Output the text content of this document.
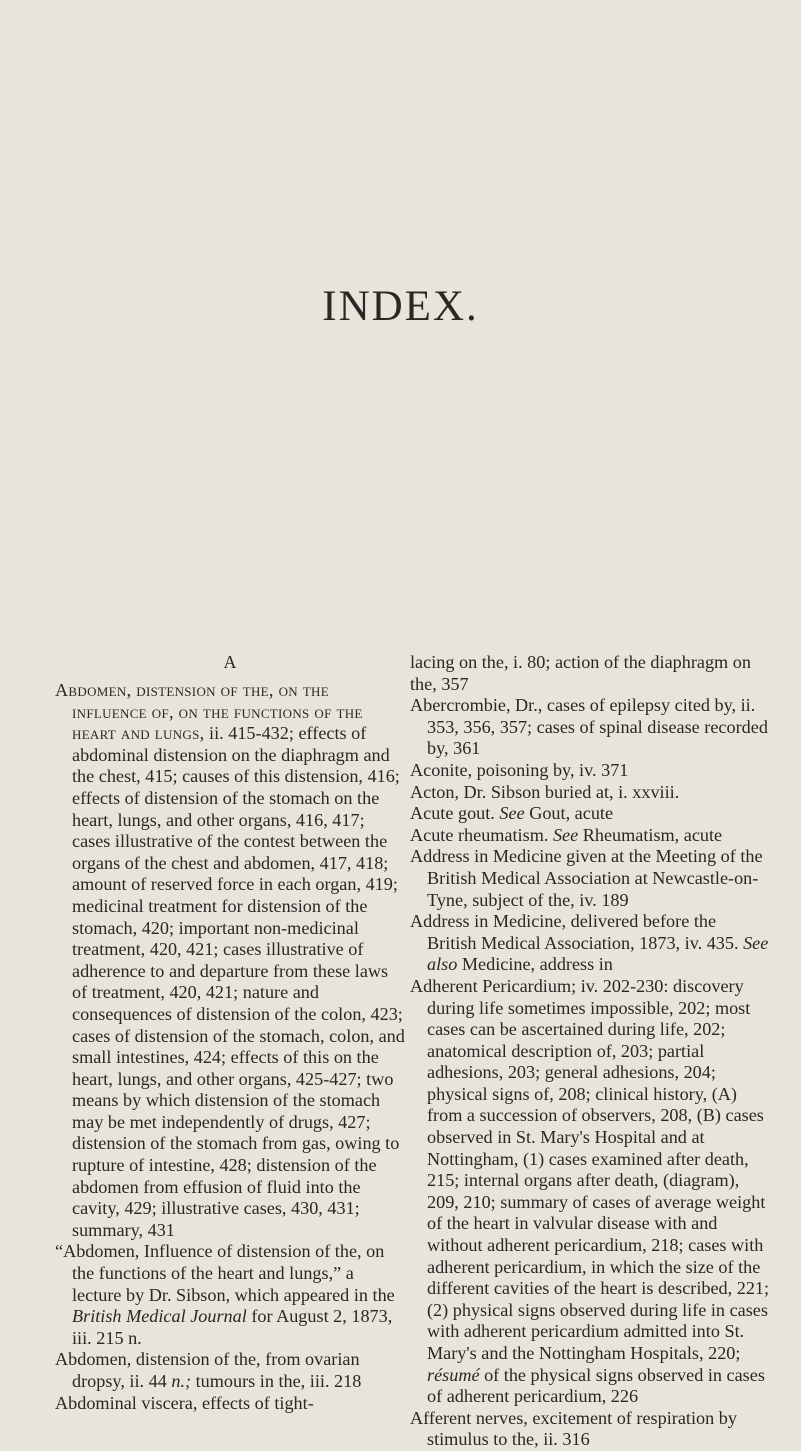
INDEX.
A

Abdomen, distension of the, on the influence of, on the functions of the heart and lungs, ii. 415-432; effects of abdominal distension on the diaphragm and the chest, 415; causes of this distension, 416; effects of distension of the stomach on the heart, lungs, and other organs, 416, 417; cases illustrative of the contest between the organs of the chest and abdomen, 417, 418; amount of reserved force in each organ, 419; medicinal treatment for distension of the stomach, 420; important non-medicinal treatment, 420, 421; cases illustrative of adherence to and departure from these laws of treatment, 420, 421; nature and consequences of distension of the colon, 423; cases of distension of the stomach, colon, and small intestines, 424; effects of this on the heart, lungs, and other organs, 425-427; two means by which distension of the stomach may be met independently of drugs, 427; distension of the stomach from gas, owing to rupture of intestine, 428; distension of the abdomen from effusion of fluid into the cavity, 429; illustrative cases, 430, 431; summary, 431

“Abdomen, Influence of distension of the, on the functions of the heart and lungs,” a lecture by Dr. Sibson, which appeared in the British Medical Journal for August 2, 1873, iii. 215 n.

Abdomen, distension of the, from ovarian dropsy, ii. 44 n.; tumours in the, iii. 218

Abdominal viscera, effects of tight-

lacing on the, i. 80; action of the diaphragm on the, 357

Abercrombie, Dr., cases of epilepsy cited by, ii. 353, 356, 357; cases of spinal disease recorded by, 361

Aconite, poisoning by, iv. 371

Acton, Dr. Sibson buried at, i. xxviii.

Acute gout. See Gout, acute

Acute rheumatism. See Rheumatism, acute

Address in Medicine given at the Meeting of the British Medical Association at Newcastle-on-Tyne, subject of the, iv. 189

Address in Medicine, delivered before the British Medical Association, 1873, iv. 435. See also Medicine, address in

Adherent Pericardium; iv. 202-230: discovery during life sometimes impossible, 202; most cases can be ascertained during life, 202; anatomical description of, 203; partial adhesions, 203; general adhesions, 204; physical signs of, 208; clinical history, (A) from a succession of observers, 208, (B) cases observed in St. Mary's Hospital and at Nottingham, (1) cases examined after death, 215; internal organs after death, (diagram), 209, 210; summary of cases of average weight of the heart in valvular disease with and without adherent pericardium, 218; cases with adherent pericardium, in which the size of the different cavities of the heart is described, 221; (2) physical signs observed during life in cases with adherent pericardium admitted into St. Mary's and the Nottingham Hospitals, 220; résumé of the physical signs observed in cases of adherent pericardium, 226

Afferent nerves, excitement of respiration by stimulus to the, ii. 316
